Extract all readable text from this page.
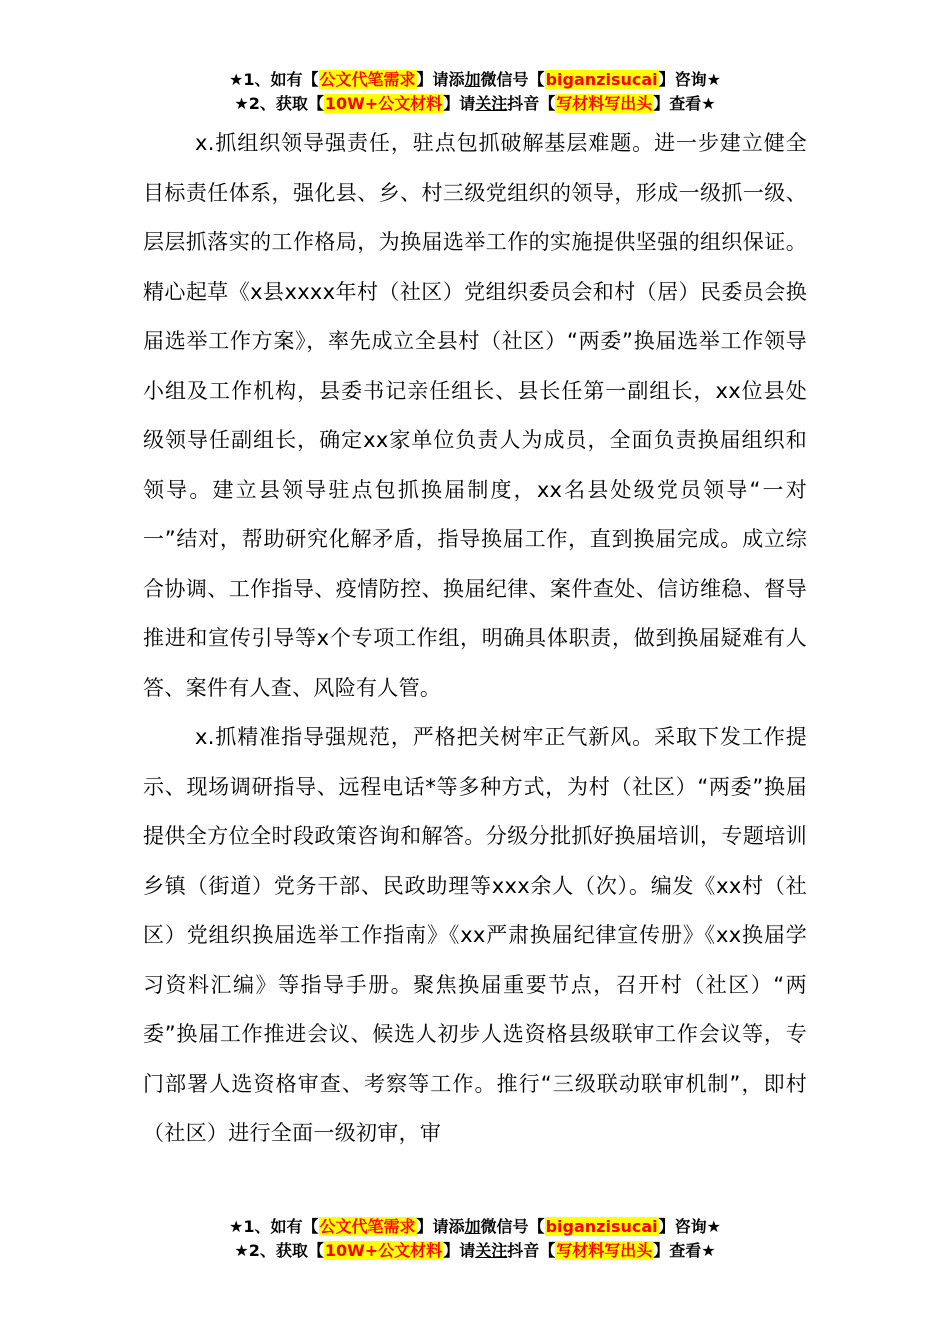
★1、如有【公文代笔需求】请添加微信号【biganzisucai】咨询★
★2、获取【10W+公文材料】请关注抖音【写材料写出头】查看★

x.抓组织领导强责任，驻点包抓破解基层难题。进一步建立健全目标责任体系，强化县、乡、村三级党组织的领导，形成一级抓一级、层层抓落实的工作格局，为换届选举工作的实施提供坚强的组织保证。精心起草《x县xxxx年村（社区）党组织委员会和村（居）民委员会换届选举工作方案》，率先成立全县村（社区）“两委”换届选举工作领导小组及工作机构，县委书记亲任组长、县长任第一副组长，xx位县处级领导任副组长，确定xx家单位负责人为成员，全面负责换届组织和领导。建立县领导驻点包抓换届制度，xx名县处级党员领导“一对一”结对，帮助研究化解矛盾，指导换届工作，直到换届完成。成立综合协调、工作指导、疫情防控、换届纪律、案件查处、信访维稳、督导推进和宣传引导等x个专项工作组，明确具体职责，做到换届疑难有人答、案件有人查、风险有人管。

x.抓精准指导强规范，严格把关树牢正气新风。采取下发工作提示、现场调研指导、远程电话*等多种方式，为村（社区）“两委”换届提供全方位全时段政策咨询和解答。分级分批抓好换届培训，专题培训乡镇（街道）党务干部、民政助理等xxx余人（次）。编发《xx村（社区）党组织换届选举工作指南》《xx严肃换届纪律宣传册》《xx换届学习资料汇编》等指导手册。聚焦换届重要节点，召开村（社区）“两委”换届工作推进会议、候选人初步人选资格县级联审工作会议等，专门部署人选资格审查、考察等工作。推行“三级联动联审机制”，即村（社区）进行全面一级初审，审

★1、如有【公文代笔需求】请添加微信号【biganzisucai】咨询★
★2、获取【10W+公文材料】请关注抖音【写材料写出头】查看★
